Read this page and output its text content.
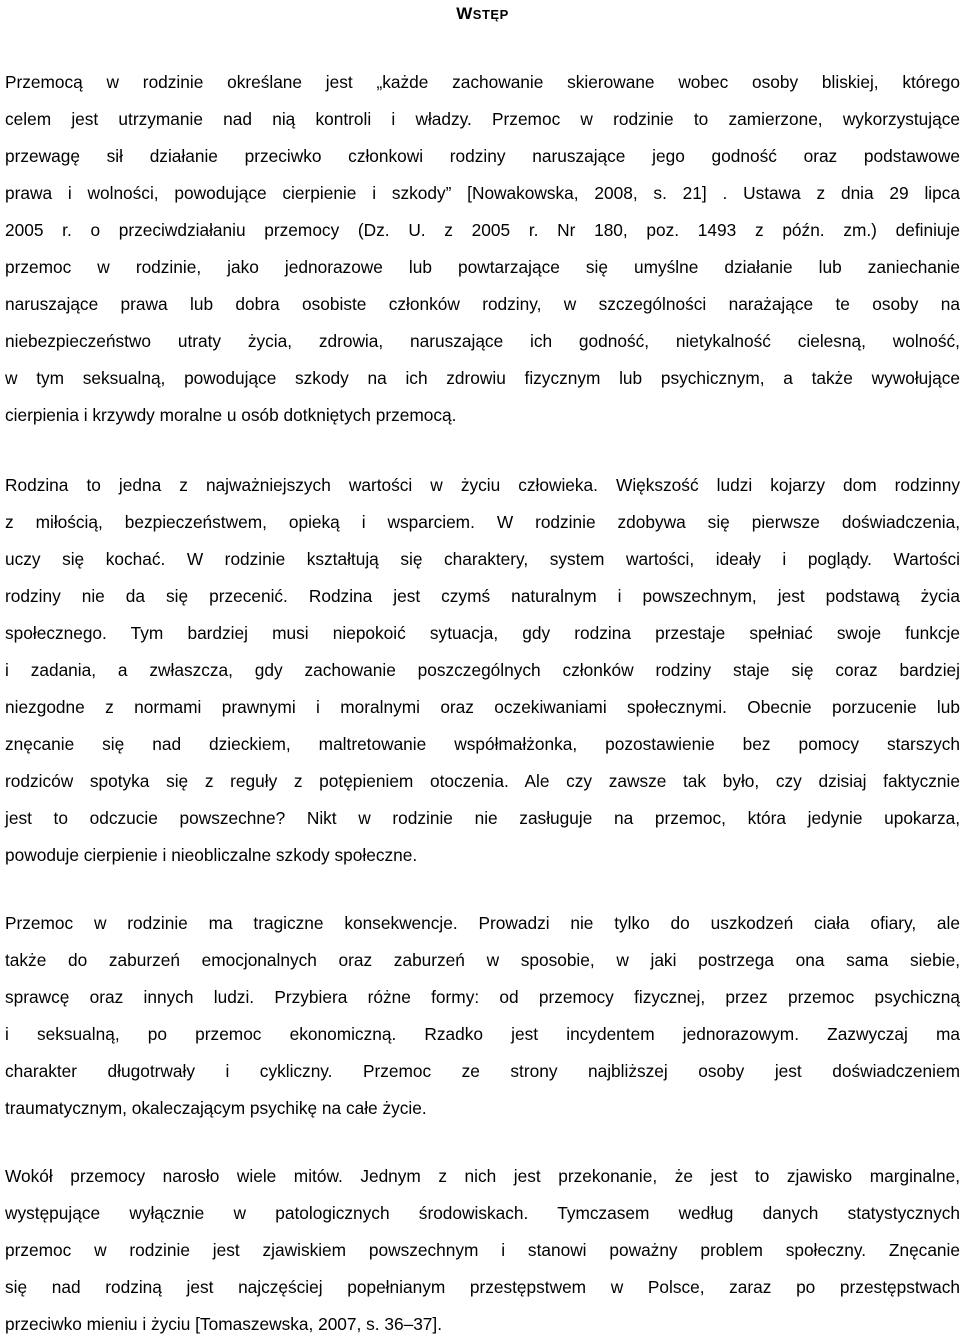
WSTĘP
Przemocą w rodzinie określane jest „każde zachowanie skierowane wobec osoby bliskiej, którego
celem jest utrzymanie nad nią kontroli i władzy. Przemoc w rodzinie to zamierzone, wykorzystujące
przewagę sił działanie przeciwko członkowi rodziny naruszające jego godność oraz podstawowe
prawa i wolności, powodujące cierpienie i szkody” [Nowakowska, 2008, s. 21] . Ustawa z dnia 29 lipca
2005 r. o przeciwdziałaniu przemocy (Dz. U. z 2005 r. Nr 180, poz. 1493 z późn. zm.) definiuje
przemoc w rodzinie, jako jednorazowe lub powtarzające się umyślne działanie lub zaniechanie
naruszające prawa lub dobra osobiste członków rodziny, w szczególności narażające te osoby na
niebezpieczeństwo utraty życia, zdrowia, naruszające ich godność, nietykalność cielesną, wolność,
w tym seksualną, powodujące szkody na ich zdrowiu fizycznym lub psychicznym, a także wywołujące
cierpienia i krzywdy moralne u osób dotkniętych przemocą.
Rodzina to jedna z najważniejszych wartości w życiu człowieka. Większość ludzi kojarzy dom rodzinny
z miłością, bezpieczeństwem, opieką i wsparciem. W rodzinie zdobywa się pierwsze doświadczenia,
uczy się kochać. W rodzinie kształtują się charaktery, system wartości, ideały i poglądy. Wartości
rodziny nie da się przecenić. Rodzina jest czymś naturalnym i powszechnym, jest podstawą życia
społecznego. Tym bardziej musi niepokoić sytuacja, gdy rodzina przestaje spełniać swoje funkcje
i zadania, a zwłaszcza, gdy zachowanie poszczególnych członków rodziny staje się coraz bardziej
niezgodne z normami prawnymi i moralnymi oraz oczekiwaniami społecznymi. Obecnie porzucenie lub
znęcanie się nad dzieckiem, maltretowanie współmałżonka, pozostawienie bez pomocy starszych
rodziców spotyka się z reguły z potępieniem otoczenia. Ale czy zawsze tak było, czy dzisiaj faktycznie
jest to odczucie powszechne? Nikt w rodzinie nie zasługuje na przemoc, która jedynie upokarza,
powoduje cierpienie i nieobliczalne szkody społeczne.
Przemoc w rodzinie ma tragiczne konsekwencje. Prowadzi nie tylko do uszkodzeń ciała ofiary, ale
także do zaburzeń emocjonalnych oraz zaburzeń w sposobie, w jaki postrzega ona sama siebie,
sprawcę oraz innych ludzi. Przybiera różne formy: od przemocy fizycznej, przez przemoc psychiczną
i seksualną, po przemoc ekonomiczną. Rzadko jest incydentem jednorazowym. Zazwyczaj ma
charakter długotrwały i cykliczny. Przemoc ze strony najbliższej osoby jest doświadczeniem
traumatycznym, okaleczającym psychikę na całe życie.
Wokół przemocy narosło wiele mitów. Jednym z nich jest przekonanie, że jest to zjawisko marginalne,
występujące wyłącznie w patologicznych środowiskach. Tymczasem według danych statystycznych
przemoc w rodzinie jest zjawiskiem powszechnym i stanowi poważny problem społeczny. Znęcanie
się nad rodziną jest najczęściej popełnianym przestępstwem w Polsce, zaraz po przestępstwach
przeciwko mieniu i życiu [Tomaszewska, 2007, s. 36–37].
